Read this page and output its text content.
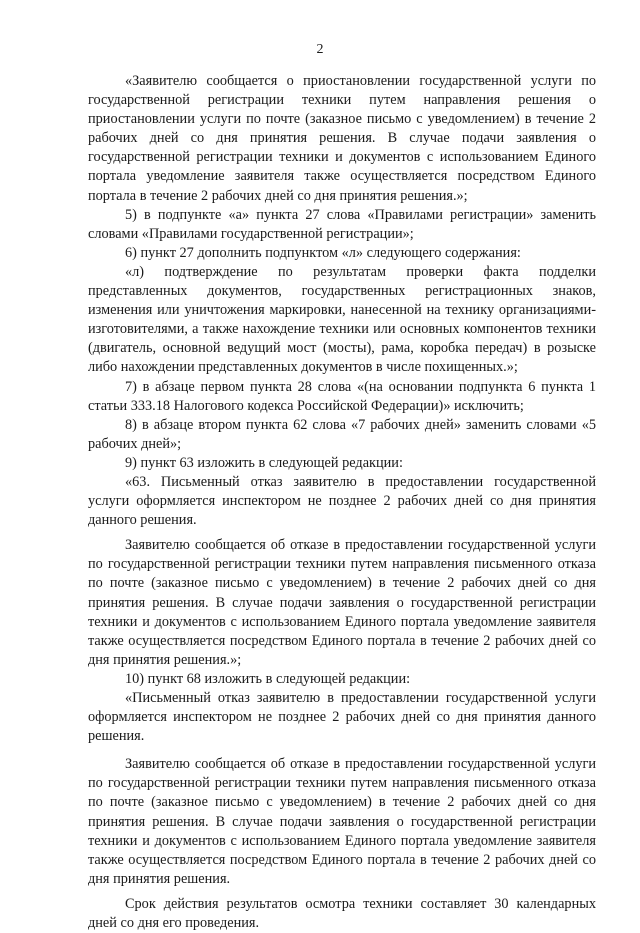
2

«Заявителю сообщается о приостановлении государственной услуги по государственной регистрации техники путем направления решения о приостановлении услуги по почте (заказное письмо с уведомлением) в течение 2 рабочих дней со дня принятия решения. В случае подачи заявления о государственной регистрации техники и документов с использованием Единого портала уведомление заявителя также осуществляется посредством Единого портала в течение 2 рабочих дней со дня принятия решения.»;

5) в подпункте «а» пункта 27 слова «Правилами регистрации» заменить словами «Правилами государственной регистрации»;

6) пункт 27 дополнить подпунктом «л» следующего содержания:

«л) подтверждение по результатам проверки факта подделки представленных документов, государственных регистрационных знаков, изменения или уничтожения маркировки, нанесенной на технику организациями-изготовителями, а также нахождение техники или основных компонентов техники (двигатель, основной ведущий мост (мосты), рама, коробка передач) в розыске либо нахождении представленных документов в числе похищенных.»;

7) в абзаце первом пункта 28 слова «(на основании подпункта 6 пункта 1 статьи 333.18 Налогового кодекса Российской Федерации)» исключить;

8) в абзаце втором пункта 62 слова «7 рабочих дней» заменить словами «5 рабочих дней»;

9) пункт 63 изложить в следующей редакции:

«63. Письменный отказ заявителю в предоставлении государственной услуги оформляется инспектором не позднее 2 рабочих дней со дня принятия данного решения.

Заявителю сообщается об отказе в предоставлении государственной услуги по государственной регистрации техники путем направления письменного отказа по почте (заказное письмо с уведомлением) в течение 2 рабочих дней со дня принятия решения. В случае подачи заявления о государственной регистрации техники и документов с использованием Единого портала уведомление заявителя также осуществляется посредством Единого портала в течение 2 рабочих дней со дня принятия решения.»;

10) пункт 68 изложить в следующей редакции:

«Письменный отказ заявителю в предоставлении государственной услуги оформляется инспектором не позднее 2 рабочих дней со дня принятия данного решения.

Заявителю сообщается об отказе в предоставлении государственной услуги по государственной регистрации техники путем направления письменного отказа по почте (заказное письмо с уведомлением) в течение 2 рабочих дней со дня принятия решения. В случае подачи заявления о государственной регистрации техники и документов с использованием Единого портала уведомление заявителя также осуществляется посредством Единого портала в течение 2 рабочих дней со дня принятия решения.

Срок действия результатов осмотра техники составляет 30 календарных дней со дня его проведения.
